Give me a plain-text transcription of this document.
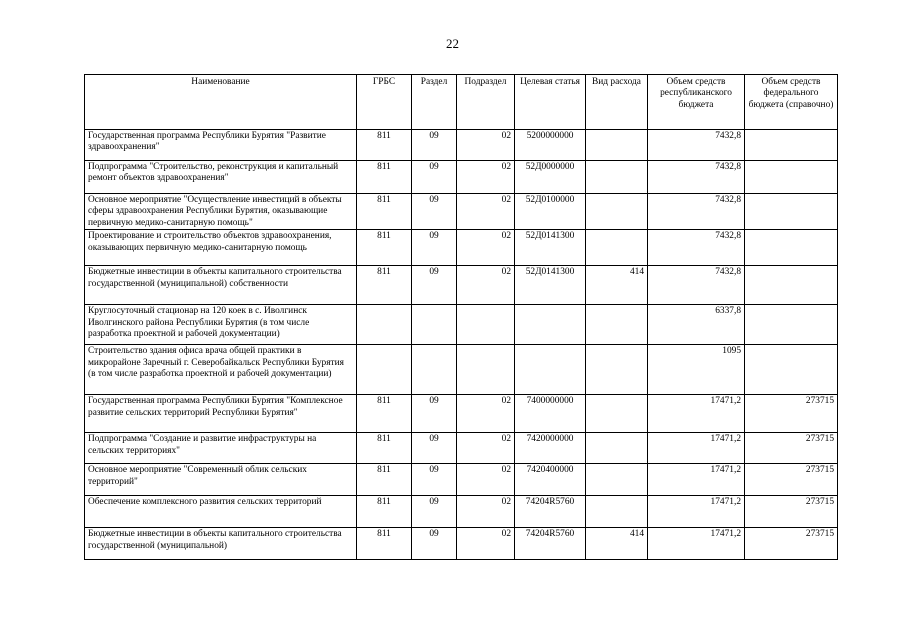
22
Наименование	ГРБС	Раздел	Подраздел	Целевая статья	Вид расхода	Объем средств республиканского бюджета	Объем средств федерального бюджета (справочно)
Государственная программа Республики Бурятия "Развитие здравоохранения"	811	09	02	5200000000		7432,8	
Подпрограмма "Строительство, реконструкция и капитальный ремонт объектов здравоохранения"	811	09	02	52Д0000000		7432,8	
Основное мероприятие "Осуществление инвестиций в объекты сферы здравоохранения Республики Бурятия, оказывающие первичную медико-санитарную помощь"	811	09	02	52Д0100000		7432,8	
Проектирование и строительство объектов здравоохранения, оказывающих первичную медико-санитарную помощь	811	09	02	52Д0141300		7432,8	
Бюджетные инвестиции в объекты капитального строительства государственной (муниципальной) собственности	811	09	02	52Д0141300	414	7432,8	
Круглосуточный стационар на 120 коек в с. Иволгинск Иволгинского района Республики Бурятия (в том числе разработка проектной и рабочей документации)						6337,8	
Строительство здания офиса врача общей практики в микрорайоне Заречный г. Северобайкальск Республики Бурятия (в том числе разработка проектной и рабочей документации)						1095	
Государственная программа Республики Бурятия "Комплексное развитие сельских территорий Республики Бурятия"	811	09	02	7400000000		17471,2	273715
Подпрограмма "Создание и развитие инфраструктуры на сельских территориях"	811	09	02	7420000000		17471,2	273715
Основное мероприятие "Современный облик сельских территорий"	811	09	02	7420400000		17471,2	273715
Обеспечение комплексного развития сельских территорий	811	09	02	74204R5760		17471,2	273715
Бюджетные инвестиции в объекты капитального строительства государственной (муниципальной)	811	09	02	74204R5760	414	17471,2	273715
